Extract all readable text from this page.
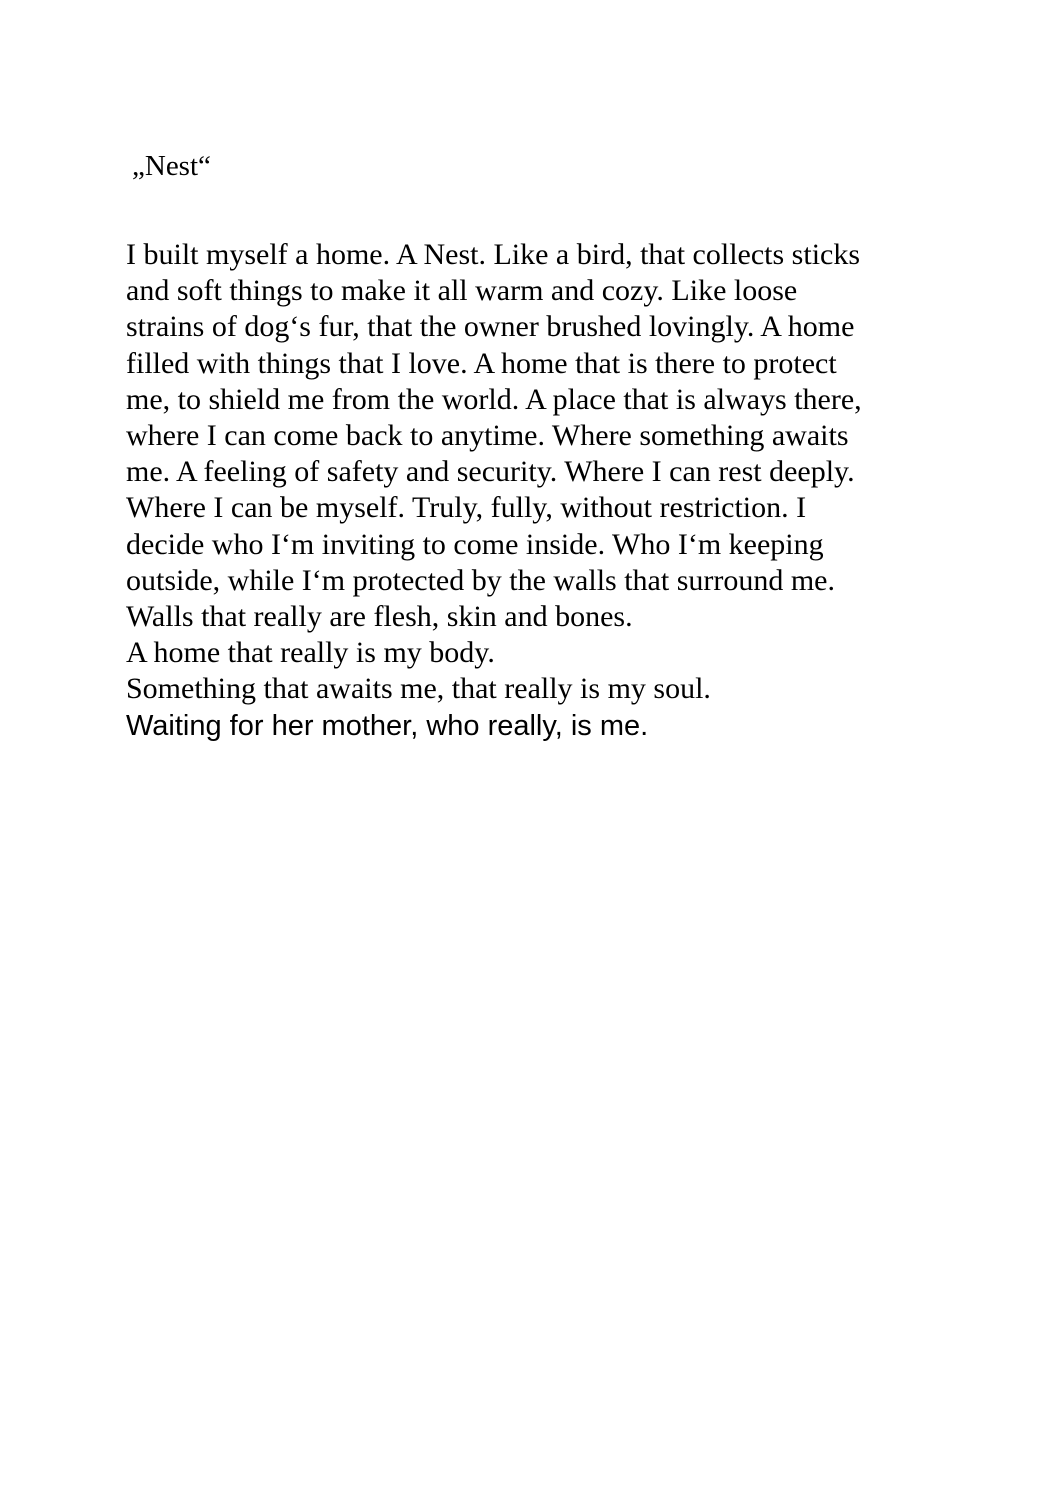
„Nest“
I built myself a home. A Nest. Like a bird, that collects sticks
and soft things to make it all warm and cozy. Like loose
strains of dog‘s fur, that the owner brushed lovingly. A home
filled with things that I love. A home that is there to protect
me, to shield me from the world. A place that is always there,
where I can come back to anytime. Where something awaits
me. A feeling of safety and security. Where I can rest deeply.
Where I can be myself. Truly, fully, without restriction. I
decide who I‘m inviting to come inside. Who I‘m keeping
outside, while I‘m protected by the walls that surround me.
Walls that really are flesh, skin and bones.
A home that really is my body.
Something that awaits me, that really is my soul.
Waiting for her mother, who really, is me.
